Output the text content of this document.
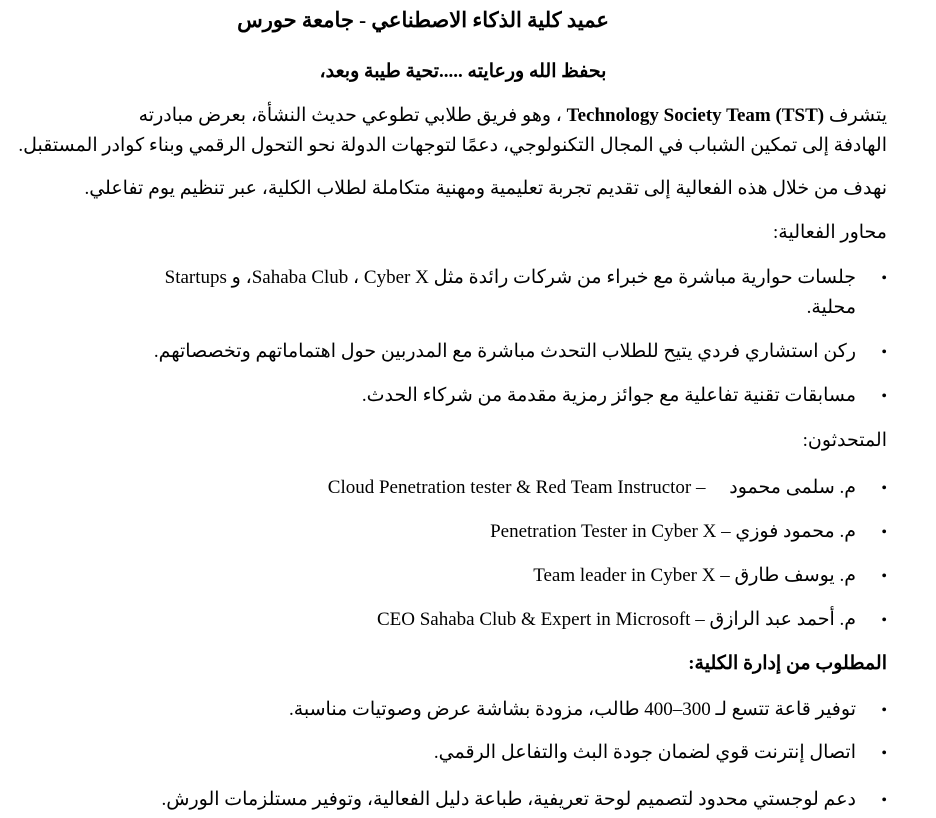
عميد كلية الذكاء الاصطناعي - جامعة حورس
بحفظ الله ورعايته .....تحية طيبة وبعد،
يتشرف Technology Society Team (TST) ، وهو فريق طلابي تطوعي حديث النشأة، بعرض مبادرته
الهادفة إلى تمكين الشباب في المجال التكنولوجي، دعمًا لتوجهات الدولة نحو التحول الرقمي وبناء كوادر المستقبل.
نهدف من خلال هذه الفعالية إلى تقديم تجربة تعليمية ومهنية متكاملة لطلاب الكلية، عبر تنظيم يوم تفاعلي.
محاور الفعالية:
•
جلسات حوارية مباشرة مع خبراء من شركات رائدة مثل Sahaba Club ، Cyber X، و Startups
محلية.
•
ركن استشاري فردي يتيح للطلاب التحدث مباشرة مع المدربين حول اهتماماتهم وتخصصاتهم.
•
مسابقات تقنية تفاعلية مع جوائز رمزية مقدمة من شركاء الحدث.
المتحدثون:
•
م. سلمى محمود     Cloud Penetration tester & Red Team Instructor –
•
م. محمود فوزي Penetration Tester in Cyber X –
•
م. يوسف طارق Team leader in Cyber X –
•
م. أحمد عبد الرازق CEO Sahaba Club & Expert in Microsoft –
المطلوب من إدارة الكلية:
•
توفير قاعة تتسع لـ 300–400 طالب، مزودة بشاشة عرض وصوتيات مناسبة.
•
اتصال إنترنت قوي لضمان جودة البث والتفاعل الرقمي.
•
دعم لوجستي محدود لتصميم لوحة تعريفية، طباعة دليل الفعالية، وتوفير مستلزمات الورش.
